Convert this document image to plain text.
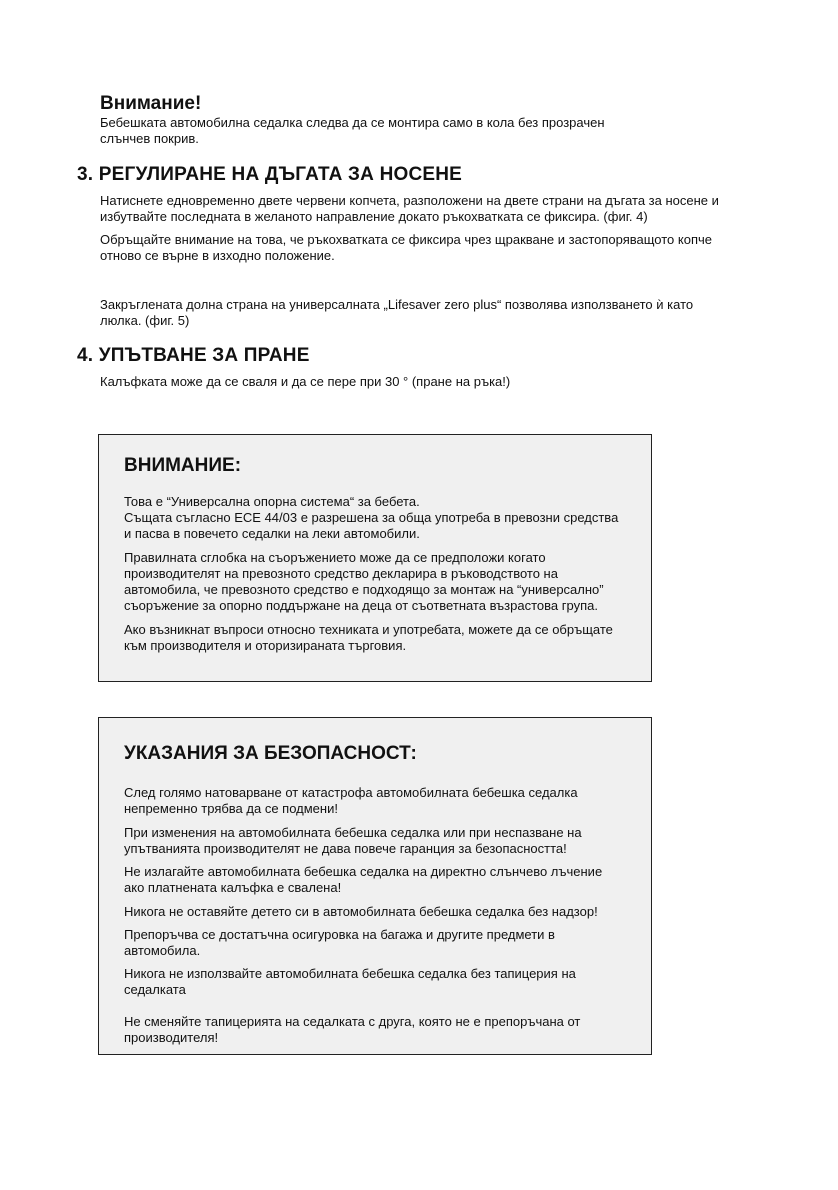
Внимание!
Бебешката автомобилна седалка следва да се монтира само в кола без прозрачен
слънчев покрив.
3. РЕГУЛИРАНЕ НА ДЪГАТА ЗА НОСЕНЕ
Натиснете едновременно двете червени копчета, разположени на двете страни на дъгата за носене и
избутвайте последната в желаното направление докато ръкохватката се фиксира. (фиг. 4)
Обръщайте внимание на това, че ръкохватката се фиксира чрез щракване и застопоряващото копче
отново се върне в изходно положение.
Закръглената долна страна на универсалната „Lifesaver zero plus“ позволява използването ѝ като
люлка. (фиг. 5)
4. УПЪТВАНЕ ЗА ПРАНЕ
Калъфката може да се сваля и да се пере при 30 ° (пране на ръка!)
ВНИМАНИЕ:
Това е “Универсална опорна система“ за бебета.
Същата съгласно ECE 44/03 е разрешена за обща употреба в превозни средства
и пасва в повечето седалки на леки автомобили.
Правилната сглобка на съоръжението може да се предположи когато
производителят на превозното средство декларира в ръководството на
автомобила, че превозното средство е подходящо за монтаж на “универсално”
съоръжение за опорно поддържане на деца от съответната възрастова група.
Ако възникнат въпроси относно техниката и употребата, можете да се обръщате
към производителя и оторизираната търговия.
УКАЗАНИЯ ЗА БЕЗОПАСНОСТ:
След голямо натоварване от катастрофа автомобилната бебешка седалка
непременно трябва да се подмени!
При изменения на автомобилната бебешка седалка или при неспазване на
упътванията производителят не дава повече гаранция за безопасността!
Не излагайте автомобилната бебешка седалка на директно слънчево лъчение
ако платнената калъфка е свалена!
Никога не оставяйте детето си в автомобилната бебешка седалка без надзор!
Препоръчва се достатъчна осигуровка на багажа и другите предмети в
автомобила.
Никога не използвайте автомобилната бебешка седалка без тапицерия на
седалката
Не сменяйте тапицерията на седалката с друга, която не е препоръчана от
производителя!
